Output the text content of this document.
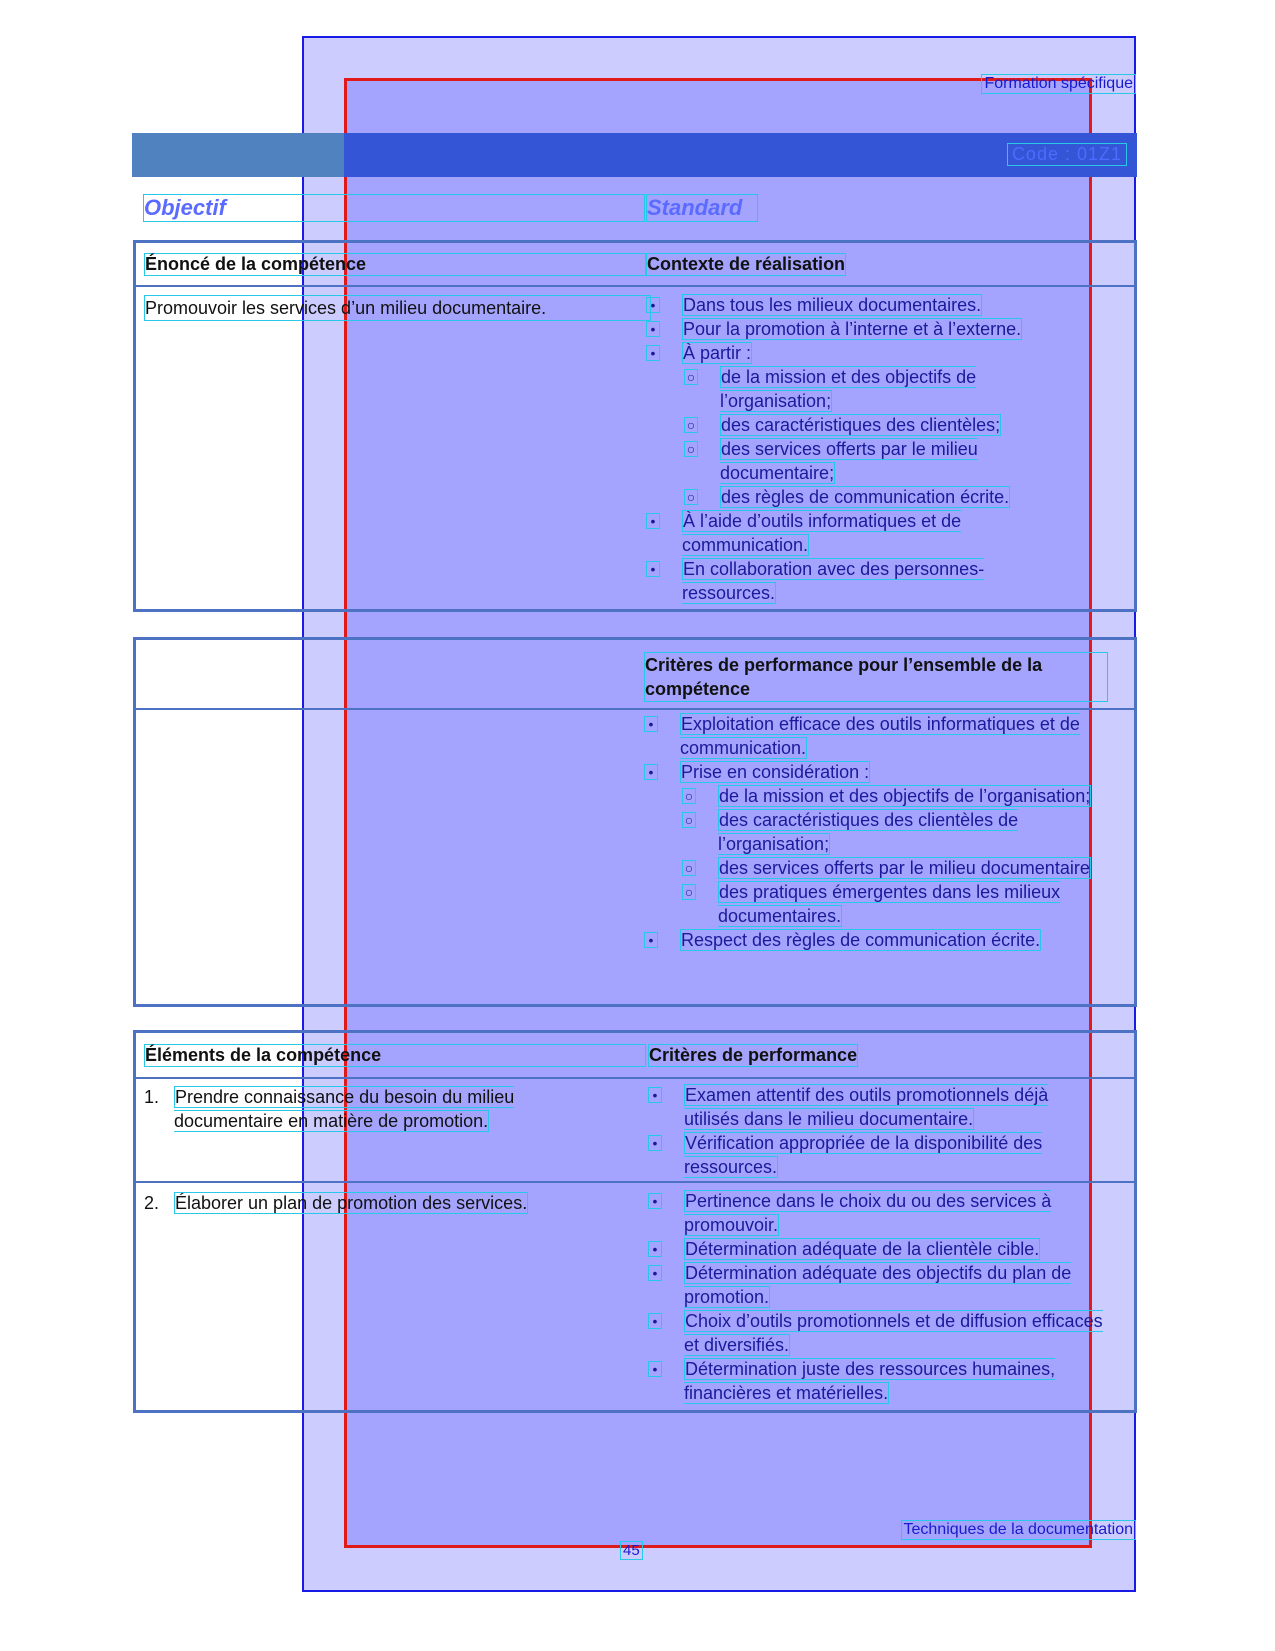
Formation spécifique
Code : 01Z1
Objectif	Standard
Énoncé de la compétence	Contexte de réalisation
Promouvoir les services d’un milieu documentaire.	• Dans tous les milieux documentaires.
• Pour la promotion à l’interne et à l’externe.
• À partir :
○ de la mission et des objectifs de l’organisation;
○ des caractéristiques des clientèles;
○ des services offerts par le milieu documentaire;
○ des règles de communication écrite.
• À l’aide d’outils informatiques et de communication.
• En collaboration avec des personnes-ressources.
Critères de performance pour l’ensemble de la compétence
• Exploitation efficace des outils informatiques et de communication.
• Prise en considération :
○ de la mission et des objectifs de l’organisation;
○ des caractéristiques des clientèles de l’organisation;
○ des services offerts par le milieu documentaire
○ des pratiques émergentes dans les milieux documentaires.
• Respect des règles de communication écrite.
Éléments de la compétence	Critères de performance
1. Prendre connaissance du besoin du milieu documentaire en matière de promotion.
• Examen attentif des outils promotionnels déjà utilisés dans le milieu documentaire.
• Vérification appropriée de la disponibilité des ressources.
2. Élaborer un plan de promotion des services.	• Pertinence dans le choix du ou des services à promouvoir.
• Détermination adéquate de la clientèle cible.
• Détermination adéquate des objectifs du plan de promotion.
• Choix d’outils promotionnels et de diffusion efficaces et diversifiés.
• Détermination juste des ressources humaines, financières et matérielles.
Techniques de la documentation
45
